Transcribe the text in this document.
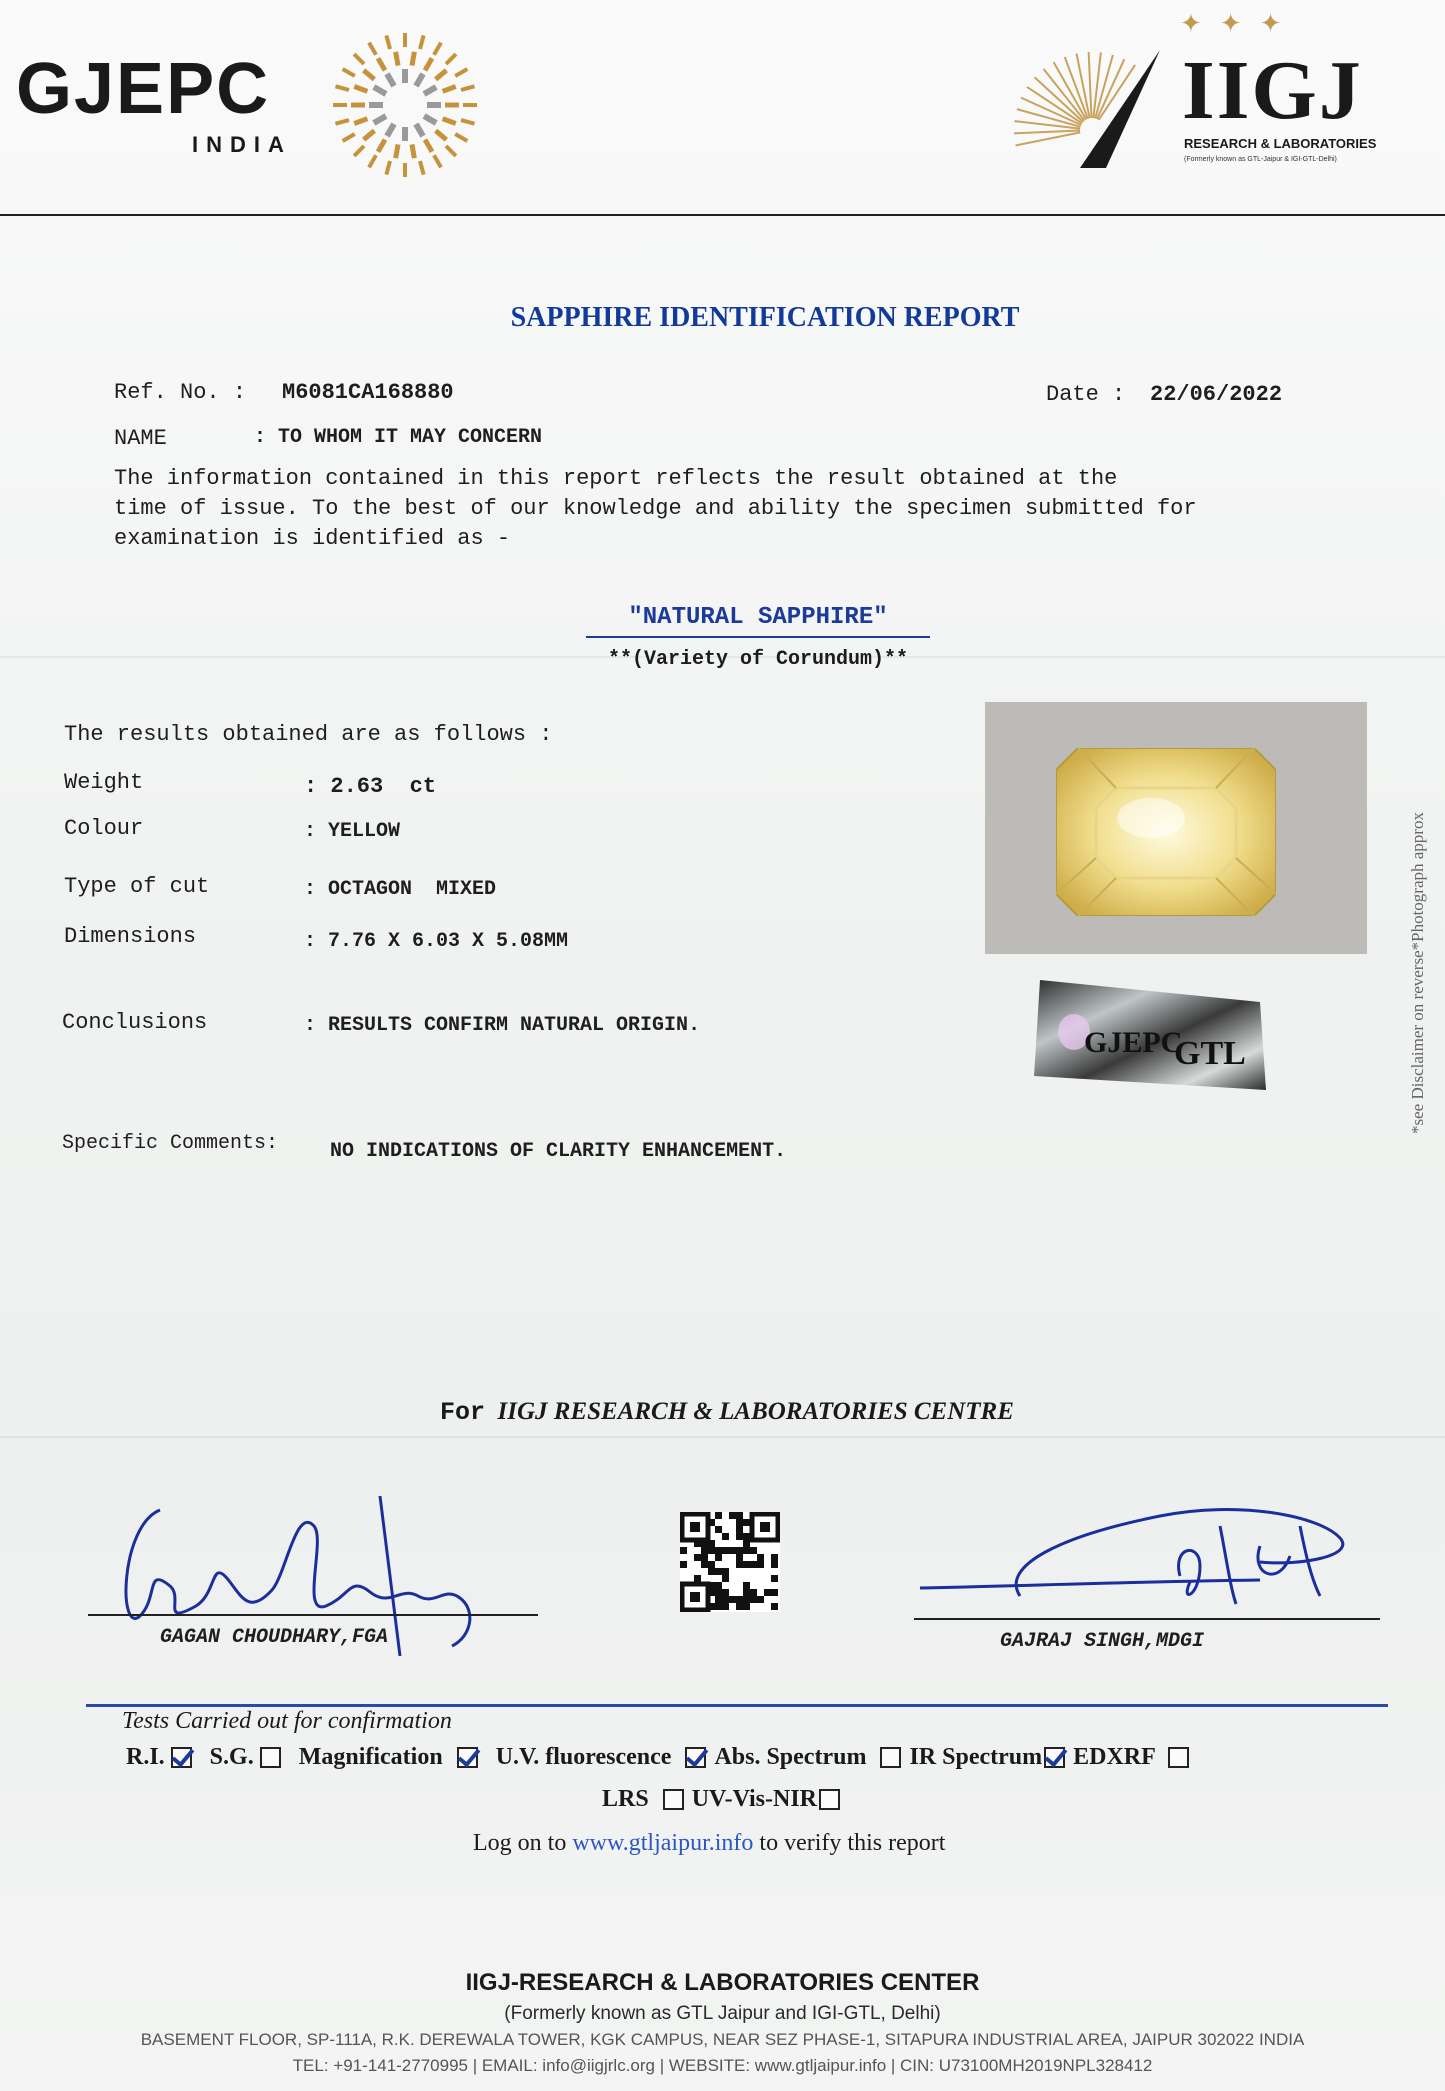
GJEPC
INDIA
✦✦✦
IIGJ
RESEARCH & LABORATORIES
(Formerly known as GTL-Jaipur & IGI-GTL-Delhi)
SAPPHIRE IDENTIFICATION REPORT
Ref. No. : M6081CA168880	Date : 22/06/2022
NAME	: TO WHOM IT MAY CONCERN
The information contained in this report reflects the result obtained at the
time of issue. To the best of our knowledge and ability the specimen submitted for
examination is identified as -
"NATURAL SAPPHIRE"
**(Variety of Corundum)**
The results obtained are as follows :
Weight	: 2.63  ct
Colour	: YELLOW
Type of cut	: OCTAGON  MIXED
Dimensions	: 7.76 X 6.03 X 5.08MM
Conclusions	: RESULTS CONFIRM NATURAL ORIGIN.
Specific Comments:	NO INDICATIONS OF CLARITY ENHANCEMENT.
GJEPC
GTL	*see Disclaimer on reverse*Photograph approx
For IIGJ RESEARCH & LABORATORIES CENTRE
GAGAN CHOUDHARY,FGA	GAJRAJ SINGH,MDGI
Tests Carried out for confirmation
R.I. S.G. Magnification U.V. fluorescence Abs. Spectrum IR Spectrum EDXRF
LRS UV-Vis-NIR
Log on to www.gtljaipur.info to verify this report
IIGJ-RESEARCH & LABORATORIES CENTER
(Formerly known as GTL Jaipur and IGI-GTL, Delhi)
BASEMENT FLOOR, SP-111A, R.K. DEREWALA TOWER, KGK CAMPUS, NEAR SEZ PHASE-1, SITAPURA INDUSTRIAL AREA, JAIPUR 302022 INDIA
TEL: +91-141-2770995 | EMAIL: info@iigjrlc.org | WEBSITE: www.gtljaipur.info | CIN: U73100MH2019NPL328412
